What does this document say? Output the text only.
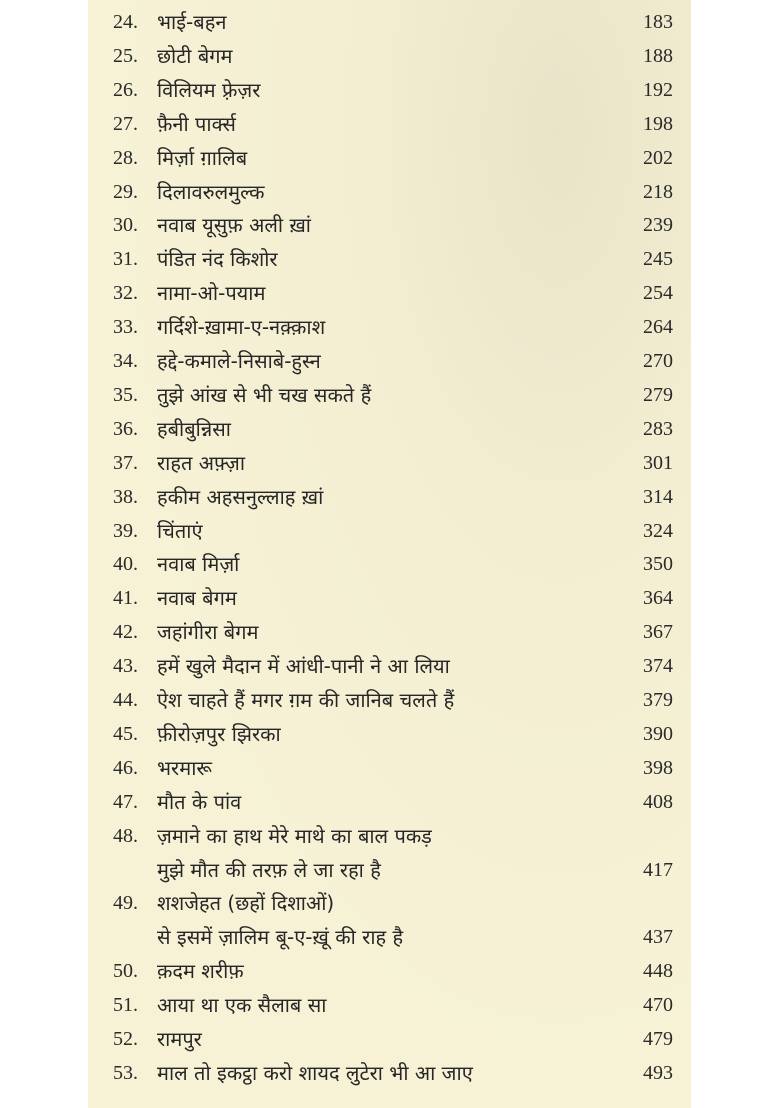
24. भाई-बहन	183
25. छोटी बेगम	188
26. विलियम फ़्रेज़र	192
27. फ़ैनी पार्क्स	198
28. मिर्ज़ा ग़ालिब	202
29. दिलावरुलमुल्क	218
30. नवाब यूसुफ़ अली ख़ां	239
31. पंडित नंद किशोर	245
32. नामा-ओ-पयाम	254
33. गर्दिशे-ख़ामा-ए-नक़्क़ाश	264
34. हद्दे-कमाले-निसाबे-हुस्न	270
35. तुझे आंख से भी चख सकते हैं	279
36. हबीबुन्निसा	283
37. राहत अफ़्ज़ा	301
38. हकीम अहसनुल्लाह ख़ां	314
39. चिंताएं	324
40. नवाब मिर्ज़ा	350
41. नवाब बेगम	364
42. जहांगीरा बेगम	367
43. हमें खुले मैदान में आंधी-पानी ने आ लिया	374
44. ऐश चाहते हैं मगर ग़म की जानिब चलते हैं	379
45. फ़ीरोज़पुर झिरका	390
46. भरमारू	398
47. मौत के पांव	408
48. ज़माने का हाथ मेरे माथे का बाल पकड़
मुझे मौत की तरफ़ ले जा रहा है	417
49. शशजेहत (छहों दिशाओं)
से इसमें ज़ालिम बू-ए-ख़ूं की राह है	437
50. क़दम शरीफ़	448
51. आया था एक सैलाब सा	470
52. रामपुर	479
53. माल तो इकट्ठा करो शायद लुटेरा भी आ जाए	493
